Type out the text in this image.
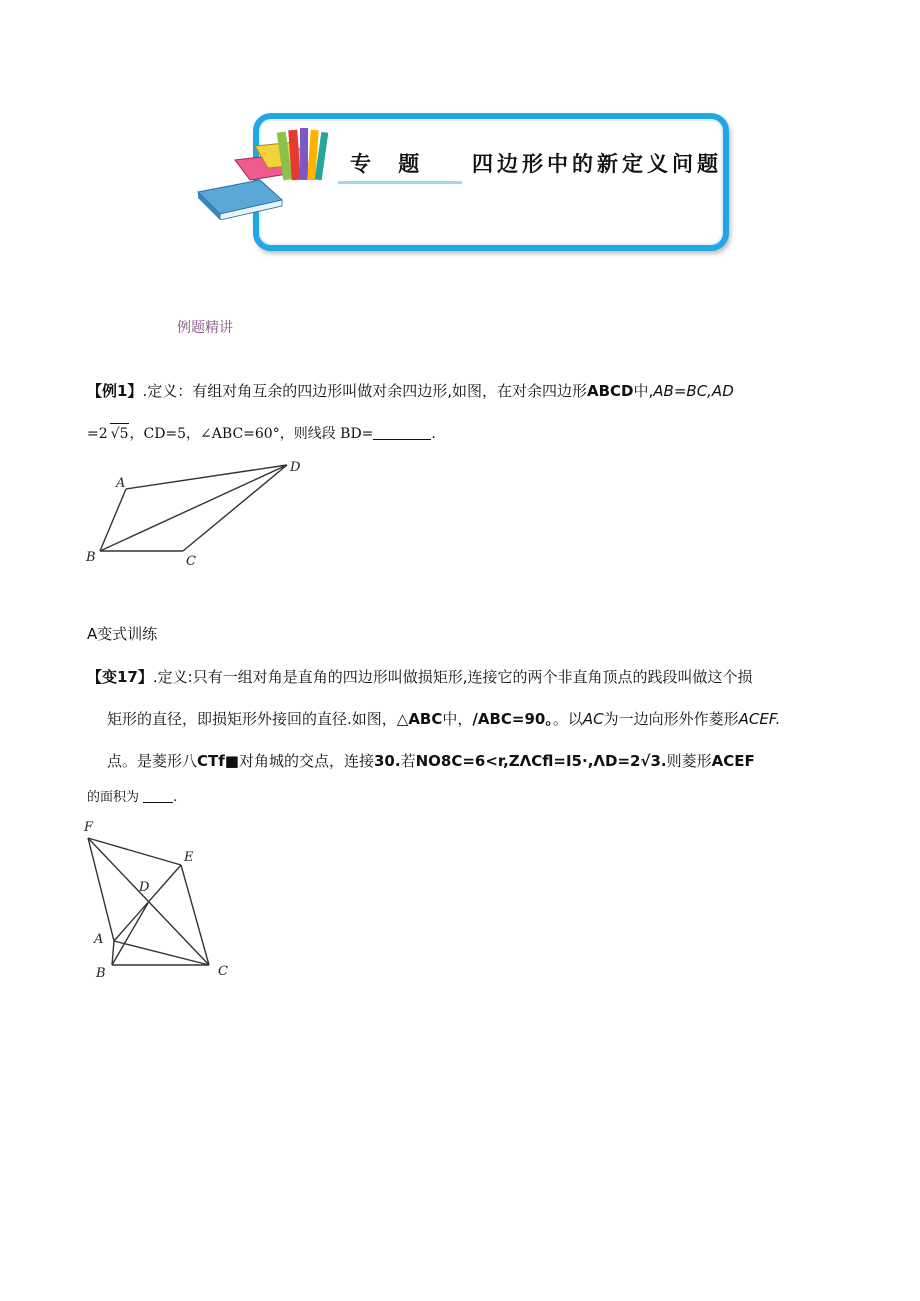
专 题 四边形中的新定义问题
例题精讲
【例1】.定义：有组对角互余的四边形叫做对余四边形,如图，在对余四边形ABCD中,AB=BC,AD
=2 √5，CD=5，∠ABC=60°，则线段 BD=	.
A
B	C
D
A变式训练
【变17】.定义:只有一组对角是直角的四边形叫做损矩形,连接它的两个非直角顶点的践段叫做这个损
矩形的直径，即损矩形外接回的直径.如图，△ABC中，/ABC=90。。以AC为一边向形外作菱形ACEF.
点。是菱形八CTf■对角城的交点，连接30.若NO8C=6<r,ZΛCfl=I5·,ΛD=2√3.则菱形ACEF
的面积为	.
F
E
D
A
B	C
